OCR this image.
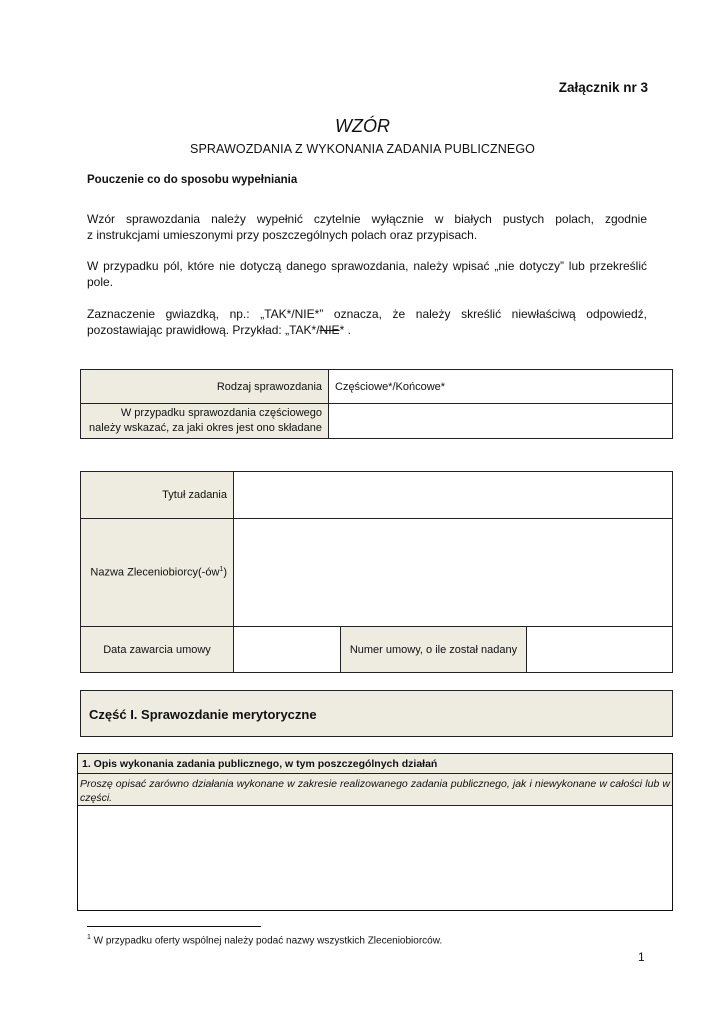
Załącznik nr 3
WZÓR
SPRAWOZDANIA Z WYKONANIA ZADANIA PUBLICZNEGO
Pouczenie co do sposobu wypełniania
Wzór sprawozdania należy wypełnić czytelnie wyłącznie w białych pustych polach, zgodnie
z instrukcjami umieszonymi przy poszczególnych polach oraz przypisach.
W przypadku pól, które nie dotyczą danego sprawozdania, należy wpisać „nie dotyczy” lub przekreślić pole.
Zaznaczenie gwiazdką, np.: „TAK*/NIE*” oznacza, że należy skreślić niewłaściwą odpowiedź, pozostawiając prawidłową. Przykład: „TAK*/NIE* .
Rodzaj sprawozdania	Częściowe*/Końcowe*

W przypadku sprawozdania częściowego
należy wskazać, za jaki okres jest ono składane	

Tytuł zadania			
Nazwa $Zleceniobiorcy(-ów^1)$			
Data zawarcia umowy		Numer umowy, o ile został nadany	
Część I. Sprawozdanie merytoryczne
1. Opis wykonania zadania publicznego, w tym poszczególnych działań
Proszę opisać zarówno działania wykonane w zakresie realizowanego zadania publicznego, jak i niewykonane w całości lub w części.
$^1$ W przypadku oferty wspólnej należy podać nazwy wszystkich Zleceniobiorców.
1
